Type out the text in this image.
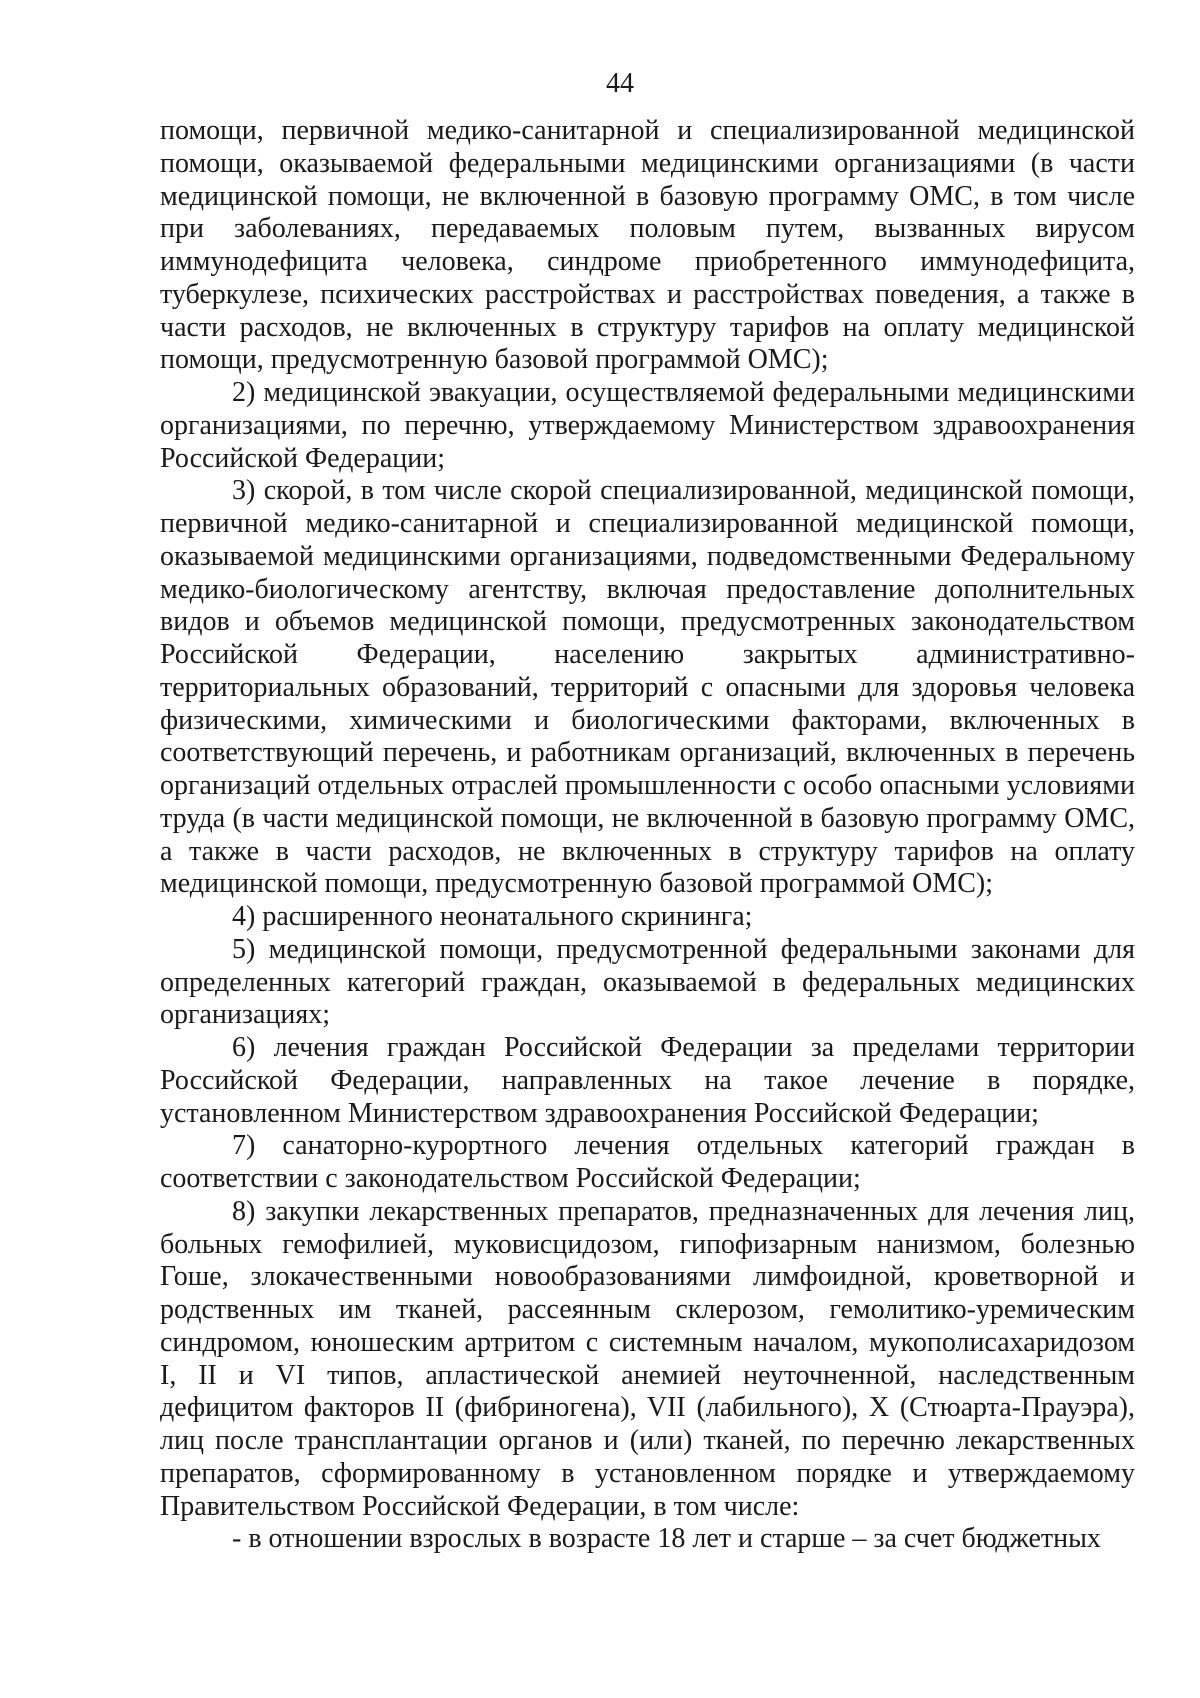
44

помощи, первичной медико-санитарной и специализированной медицинской помощи, оказываемой федеральными медицинскими организациями (в части медицинской помощи, не включенной в базовую программу ОМС, в том числе при заболеваниях, передаваемых половым путем, вызванных вирусом иммунодефицита человека, синдроме приобретенного иммунодефицита, туберкулезе, психических расстройствах и расстройствах поведения, а также в части расходов, не включенных в структуру тарифов на оплату медицинской помощи, предусмотренную базовой программой ОМС);

2) медицинской эвакуации, осуществляемой федеральными медицинскими организациями, по перечню, утверждаемому Министерством здравоохранения Российской Федерации;

3) скорой, в том числе скорой специализированной, медицинской помощи, первичной медико-санитарной и специализированной медицинской помощи, оказываемой медицинскими организациями, подведомственными Федеральному медико-биологическому агентству, включая предоставление дополнительных видов и объемов медицинской помощи, предусмотренных законодательством Российской Федерации, населению закрытых административно-территориальных образований, территорий с опасными для здоровья человека физическими, химическими и биологическими факторами, включенных в соответствующий перечень, и работникам организаций, включенных в перечень организаций отдельных отраслей промышленности с особо опасными условиями труда (в части медицинской помощи, не включенной в базовую программу ОМС, а также в части расходов, не включенных в структуру тарифов на оплату медицинской помощи, предусмотренную базовой программой ОМС);

4) расширенного неонатального скрининга;

5) медицинской помощи, предусмотренной федеральными законами для определенных категорий граждан, оказываемой в федеральных медицинских организациях;

6) лечения граждан Российской Федерации за пределами территории Российской Федерации, направленных на такое лечение в порядке, установленном Министерством здравоохранения Российской Федерации;

7) санаторно-курортного лечения отдельных категорий граждан в соответствии с законодательством Российской Федерации;

8) закупки лекарственных препаратов, предназначенных для лечения лиц, больных гемофилией, муковисцидозом, гипофизарным нанизмом, болезнью Гоше, злокачественными новообразованиями лимфоидной, кроветворной и родственных им тканей, рассеянным склерозом, гемолитико-уремическим синдромом, юношеским артритом с системным началом, мукополисахаридозом I, II и VI типов, апластической анемией неуточненной, наследственным дефицитом факторов II (фибриногена), VII (лабильного), X (Стюарта-Прауэра), лиц после трансплантации органов и (или) тканей, по перечню лекарственных препаратов, сформированному в установленном порядке и утверждаемому Правительством Российской Федерации, в том числе:

- в отношении взрослых в возрасте 18 лет и старше – за счет бюджетных
